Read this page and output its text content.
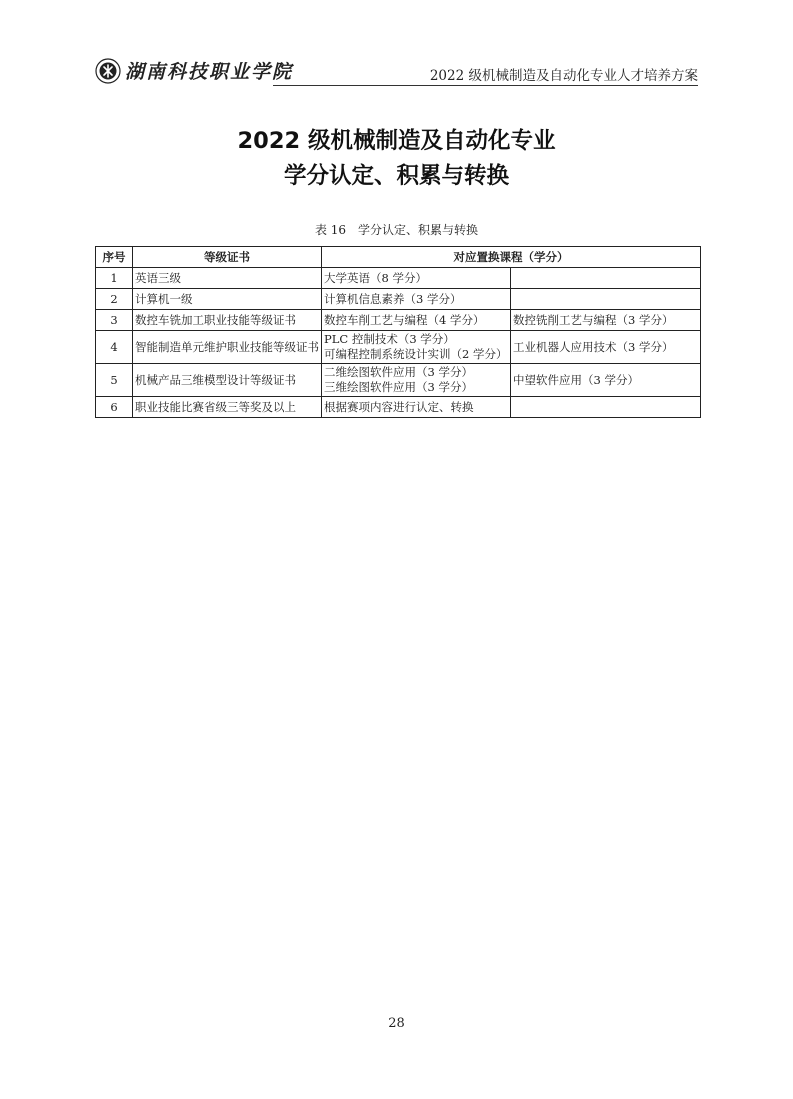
湖南科技职业学院	2022 级机械制造及自动化专业人才培养方案
2022 级机械制造及自动化专业
学分认定、积累与转换
表 16　学分认定、积累与转换
序号	等级证书	对应置换课程（学分）	
1	英语三级	大学英语（8 学分）	

2	计算机一级	计算机信息素养（3 学分）	

3	数控车铣加工职业技能等级证书	数控车削工艺与编程（4 学分）	数控铣削工艺与编程（3 学分）

4	智能制造单元维护职业技能等级证书	PLC 控制技术（3 学分）
可编程控制系统设计实训（2 学分）	工业机器人应用技术（3 学分）

5	机械产品三维模型设计等级证书	二维绘图软件应用（3 学分）
三维绘图软件应用（3 学分）	中望软件应用（3 学分）

6	职业技能比赛省级三等奖及以上	根据赛项内容进行认定、转换	

28
